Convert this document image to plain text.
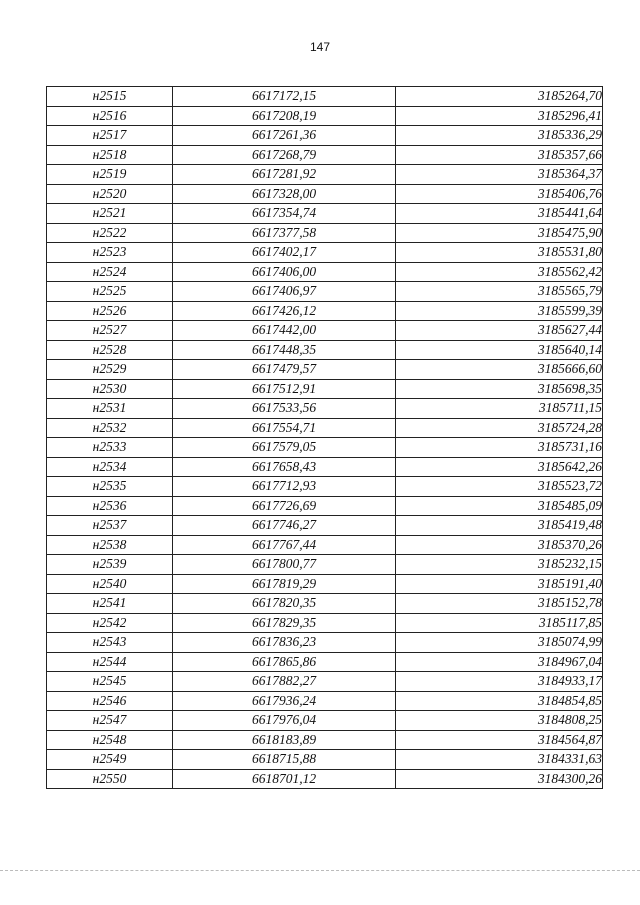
147
н2515	6617172,15	3185264,70
н2516	6617208,19	3185296,41
н2517	6617261,36	3185336,29
н2518	6617268,79	3185357,66
н2519	6617281,92	3185364,37
н2520	6617328,00	3185406,76
н2521	6617354,74	3185441,64
н2522	6617377,58	3185475,90
н2523	6617402,17	3185531,80
н2524	6617406,00	3185562,42
н2525	6617406,97	3185565,79
н2526	6617426,12	3185599,39
н2527	6617442,00	3185627,44
н2528	6617448,35	3185640,14
н2529	6617479,57	3185666,60
н2530	6617512,91	3185698,35
н2531	6617533,56	3185711,15
н2532	6617554,71	3185724,28
н2533	6617579,05	3185731,16
н2534	6617658,43	3185642,26
н2535	6617712,93	3185523,72
н2536	6617726,69	3185485,09
н2537	6617746,27	3185419,48
н2538	6617767,44	3185370,26
н2539	6617800,77	3185232,15
н2540	6617819,29	3185191,40
н2541	6617820,35	3185152,78
н2542	6617829,35	3185117,85
н2543	6617836,23	3185074,99
н2544	6617865,86	3184967,04
н2545	6617882,27	3184933,17
н2546	6617936,24	3184854,85
н2547	6617976,04	3184808,25
н2548	6618183,89	3184564,87
н2549	6618715,88	3184331,63
н2550	6618701,12	3184300,26
